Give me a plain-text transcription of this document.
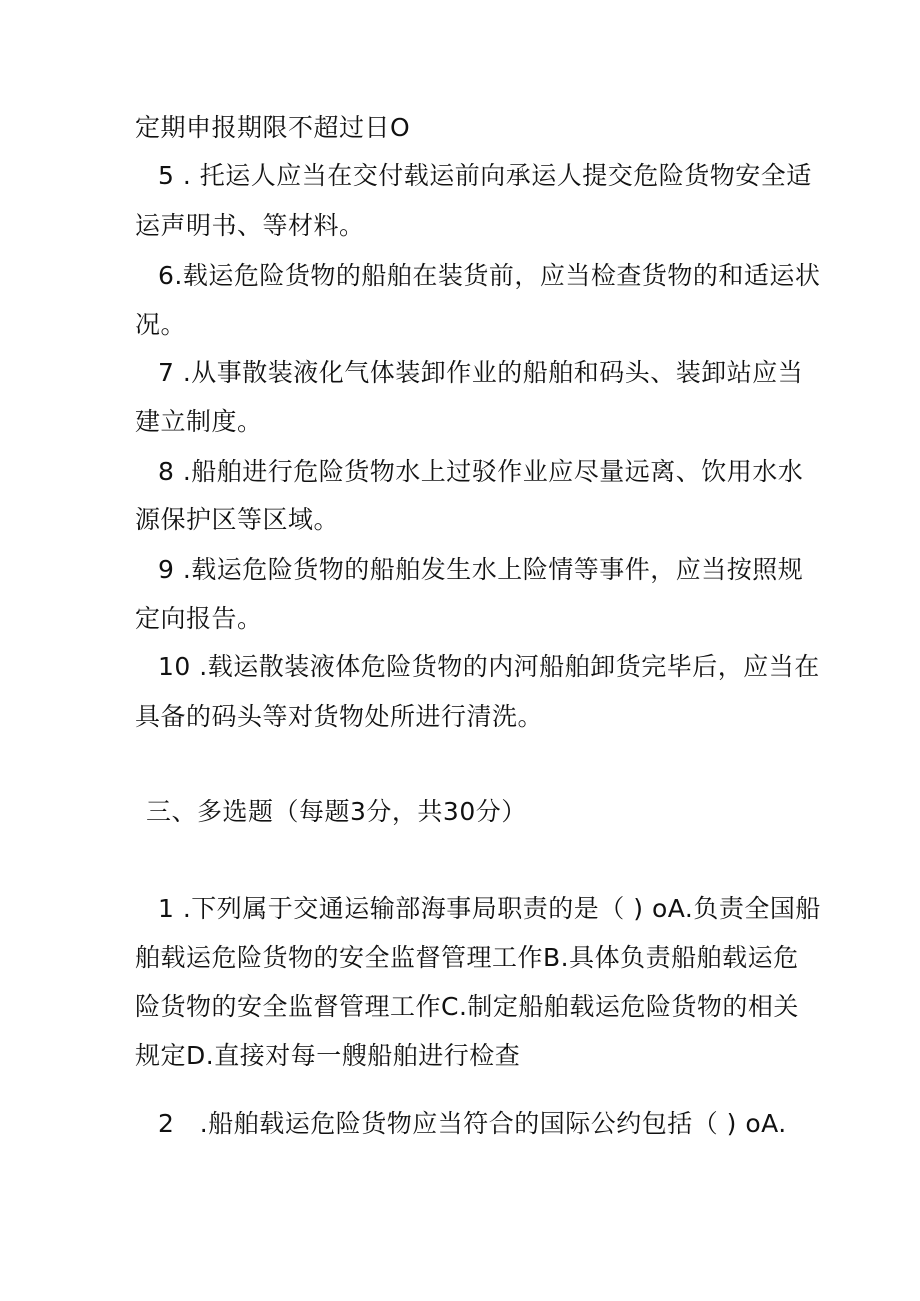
定期申报期限不超过日O
5 . 托运人应当在交付载运前向承运人提交危险货物安全适
运声明书、等材料。
6.载运危险货物的船舶在装货前，应当检查货物的和适运状
况。
7 .从事散装液化气体装卸作业的船舶和码头、装卸站应当
建立制度。
8 .船舶进行危险货物水上过驳作业应尽量远离、饮用水水
源保护区等区域。
9 .载运危险货物的船舶发生水上险情等事件，应当按照规
定向报告。
10 .载运散装液体危险货物的内河船舶卸货完毕后，应当在
具备的码头等对货物处所进行清洗。
三、多选题（每题3分，共30分）
1 .下列属于交通运输部海事局职责的是（ ) oA.负责全国船
舶载运危险货物的安全监督管理工作B.具体负责船舶载运危
险货物的安全监督管理工作C.制定船舶载运危险货物的相关
规定D.直接对每一艘船舶进行检查
2   .船舶载运危险货物应当符合的国际公约包括（ ) oA.
